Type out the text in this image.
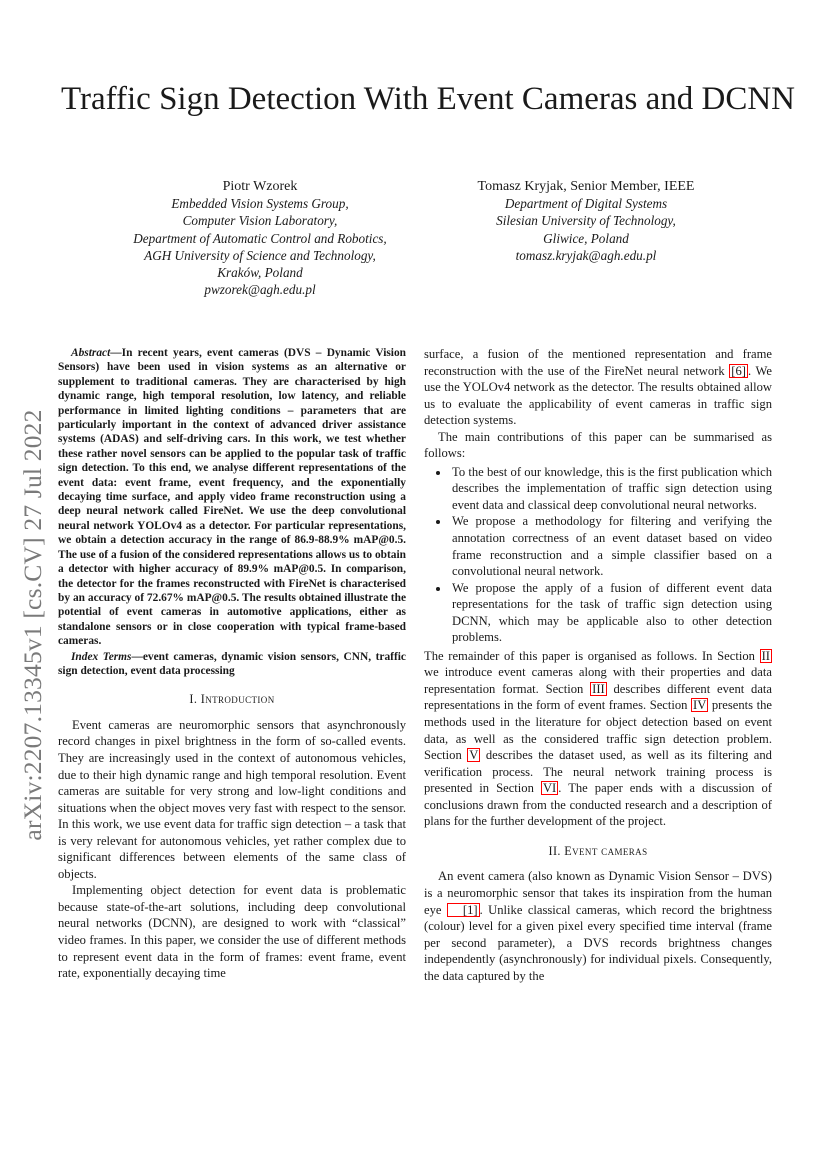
Traffic Sign Detection With Event Cameras and DCNN
Piotr Wzorek
Embedded Vision Systems Group,
Computer Vision Laboratory,
Department of Automatic Control and Robotics,
AGH University of Science and Technology,
Kraków, Poland
pwzorek@agh.edu.pl
Tomasz Kryjak, Senior Member, IEEE
Department of Digital Systems
Silesian University of Technology,
Gliwice, Poland
tomasz.kryjak@agh.edu.pl
arXiv:2207.13345v1 [cs.CV] 27 Jul 2022

Abstract—In recent years, event cameras (DVS – Dynamic Vision Sensors) have been used in vision systems as an alternative or supplement to traditional cameras. They are characterised by high dynamic range, high temporal resolution, low latency, and reliable performance in limited lighting conditions – parameters that are particularly important in the context of advanced driver assistance systems (ADAS) and self-driving cars. In this work, we test whether these rather novel sensors can be applied to the popular task of traffic sign detection. To this end, we analyse different representations of the event data: event frame, event frequency, and the exponentially decaying time surface, and apply video frame reconstruction using a deep neural network called FireNet. We use the deep convolutional neural network YOLOv4 as a detector. For particular representations, we obtain a detection accuracy in the range of 86.9-88.9% mAP@0.5. The use of a fusion of the considered representations allows us to obtain a detector with higher accuracy of 89.9% mAP@0.5. In comparison, the detector for the frames reconstructed with FireNet is characterised by an accuracy of 72.67% mAP@0.5. The results obtained illustrate the potential of event cameras in automotive applications, either as standalone sensors or in close cooperation with typical frame-based cameras.

Index Terms—event cameras, dynamic vision sensors, CNN, traffic sign detection, event data processing

I. Introduction

Event cameras are neuromorphic sensors that asynchronously record changes in pixel brightness in the form of so-called events. They are increasingly used in the context of autonomous vehicles, due to their high dynamic range and high temporal resolution. Event cameras are suitable for very strong and low-light conditions and situations when the object moves very fast with respect to the sensor. In this work, we use event data for traffic sign detection – a task that is very relevant for autonomous vehicles, yet rather complex due to significant differences between elements of the same class of objects.

Implementing object detection for event data is problematic because state-of-the-art solutions, including deep convolutional neural networks (DCNN), are designed to work with “classical” video frames. In this paper, we consider the use of different methods to represent event data in the form of frames: event frame, event rate, exponentially decaying time

surface, a fusion of the mentioned representation and frame reconstruction with the use of the FireNet neural network [6] . We use the YOLOv4 network as the detector. The results obtained allow us to evaluate the applicability of event cameras in traffic sign detection systems.

The main contributions of this paper can be summarised as follows:

• To the best of our knowledge, this is the first publication which describes the implementation of traffic sign detection using event data and classical deep convolutional neural networks.
• We propose a methodology for filtering and verifying the annotation correctness of an event dataset based on video frame reconstruction and a simple classifier based on a convolutional neural network.
• We propose the apply of a fusion of different event data representations for the task of traffic sign detection using DCNN, which may be applicable also to other detection problems.

The remainder of this paper is organised as follows. In Section II we introduce event cameras along with their properties and data representation format. Section III describes different event data representations in the form of event frames. Section IV presents the methods used in the literature for object detection based on event data, as well as the considered traffic sign detection problem. Section V describes the dataset used, as well as its filtering and verification process. The neural network training process is presented in Section VI . The paper ends with a discussion of conclusions drawn from the conducted research and a description of plans for the further development of the project.

II. Event cameras

An event camera (also known as Dynamic Vision Sensor – DVS) is a neuromorphic sensor that takes its inspiration from the human eye [1] . Unlike classical cameras, which record the brightness (colour) level for a given pixel every specified time interval (frame per second parameter), a DVS records brightness changes independently (asynchronously) for individual pixels. Consequently, the data captured by the
